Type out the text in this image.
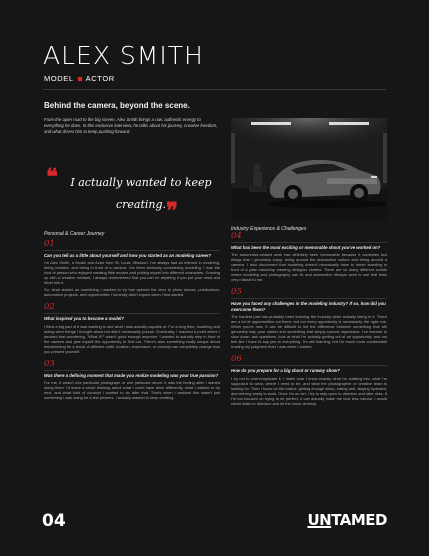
ALEX SMITH
MODEL ACTOR
Behind the camera, beyond the scene.

From the open road to the big screen, Alex Smith brings a raw, authentic energy to everything he does. In this exclusive interview, he talks about his journey, creative freedom, and what drives him to keep pushing forward.

❝	I actually wanted to keep creating. ❞

Personal & Career Journey

Industry Experience & Challenges

01

Can you tell us a little about yourself and how you started as an modeling career?

I'm Alex Smith, a Model and Actor from St. Louis, Missouri. I've always had an interest in modeling, being creative, and being in front of a camera. I've been seriously considering modeling. I was the kind of person who enjoyed creating little movies and putting myself into different characters. Growing up with a creative mindset, I always remembered that you can be anything if you put your mind and heart into it.

So, what started as something I wanted to try has opened the door to photo shoots, publications, automotive projects, and opportunities I honestly didn't expect when I first started.

02

What inspired you to become a model?

I think a big part of it was wanting to see what I was actually capable of. For a long time, modeling and acting were things I thought about but didn't necessarily pursue. Eventually, I reached a point where I decided that wondering, "What if?" wasn't good enough anymore. I wanted to actually step in front of the camera and give myself the opportunity to find out. There's also something really unique about transforming for a shoot. A different outfit, location, expression, or concept can completely change how you present yourself.

03

Was there a defining moment that made you realize modeling was your true passion?

For me, it wasn't one particular photograph or one particular shoot. It was the feeling after I started doing them. I'd leave a shoot thinking about what I could have done differently, what I wanted to try next, and what kind of concept I wanted to do after that. That's when I realized this wasn't just something I was doing for a few pictures. I actually wanted to keep creating.

04

What has been the most exciting or memorable shoot you've worked on?

The automotive-related work has definitely been memorable because it combines two things that I genuinely enjoy: being around the automotive culture and being around a camera. I also discovered that modeling doesn't necessarily have to mean standing in front of a plain backdrop wearing designer clothes. There are so many different worlds where modeling and photography can fit, and automotive lifestyle work is one that feels very natural to me.

05

Have you faced any challenges in the modeling industry? If so, how did you overcome them?

The hardest part has probably been learning the industry while actually being in it. There are a lot of opportunities out there, but not every opportunity is necessarily the right one. When you're new, it can be difficult to tell the difference between something that will genuinely help your career and something that simply sounds impressive. I've learned to slow down, ask questions, look at what I'm actually getting out of an opportunity, and not feel like I have to say yes to everything. I'm still learning, but I'm much more comfortable trusting my judgment than I was when I started.

06

How do you prepare for a big shoot or runway show?

I try not to overcomplicate it. I make sure I know exactly what I'm walking into, what I'm supposed to wear, where I need to be, and what the photographer or creative team is looking for. Then I focus on the basics: getting enough sleep, eating well, staying hydrated, and arriving ready to work. Once I'm on set, I try to stay open to direction and take risks. If I'm too focused on trying to be perfect, it can actually make me look less natural. I would rather listen to direction and let the shoot develop.

04	UNTAMED
